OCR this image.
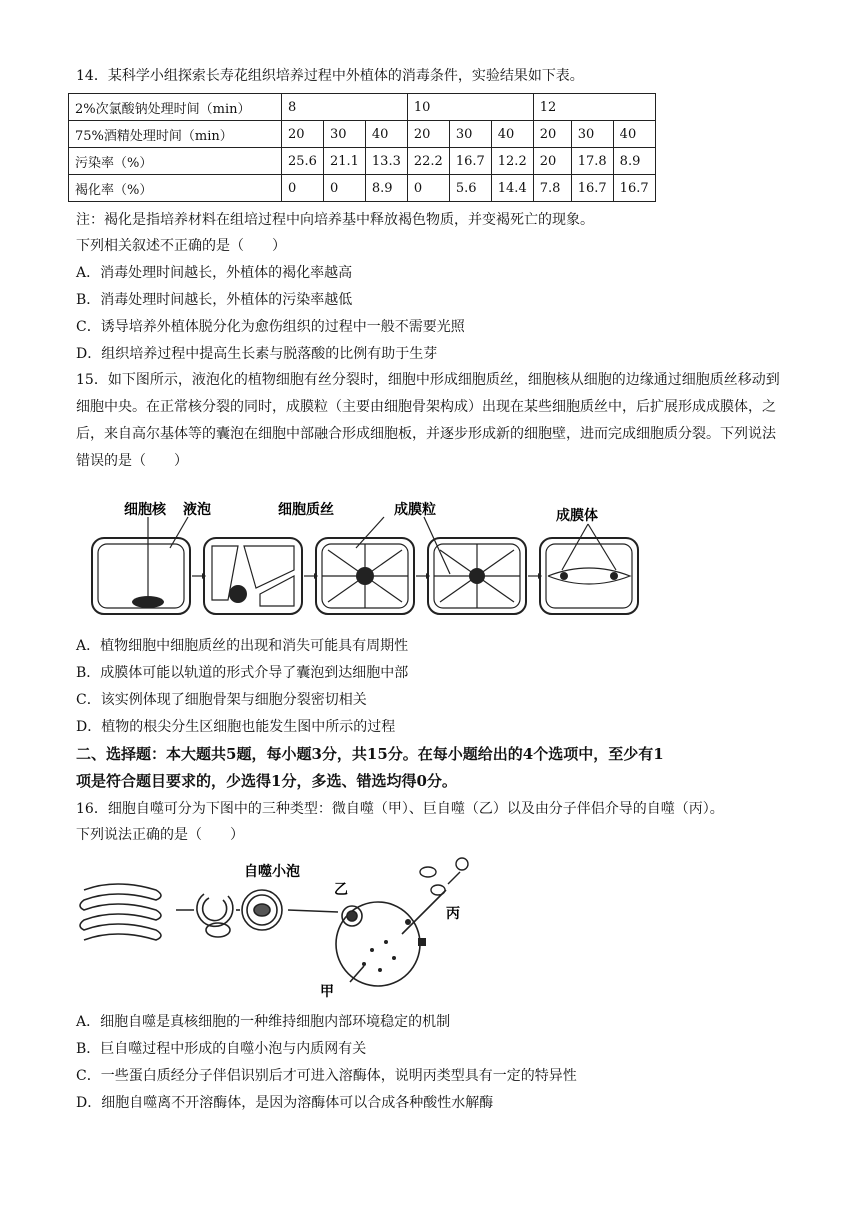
14．某科学小组探索长寿花组织培养过程中外植体的消毒条件，实验结果如下表。
2%次氯酸钠处理时间（min）	8			10			12		
75%酒精处理时间（min）	20	30	40	20	30	40	20	30	40
污染率（%）	25.6	21.1	13.3	22.2	16.7	12.2	20	17.8	8.9
褐化率（%）	0	0	8.9	0	5.6	14.4	7.8	16.7	16.7
注：褐化是指培养材料在组培过程中向培养基中释放褐色物质，并变褐死亡的现象。
下列相关叙述不正确的是（　　）
A．消毒处理时间越长，外植体的褐化率越高
B．消毒处理时间越长，外植体的污染率越低
C．诱导培养外植体脱分化为愈伤组织的过程中一般不需要光照
D．组织培养过程中提高生长素与脱落酸的比例有助于生芽
15．如下图所示，液泡化的植物细胞有丝分裂时，细胞中形成细胞质丝，细胞核从细胞的边缘通过细胞质丝移动到细胞中央。在正常核分裂的同时，成膜粒（主要由细胞骨架构成）出现在某些细胞质丝中，后扩展形成成膜体，之后，来自高尔基体等的囊泡在细胞中部融合形成细胞板，并逐步形成新的细胞壁，进而完成细胞质分裂。下列说法错误的是（　　）
细胞核 液泡	细胞质丝	成膜粒	成膜体
A．植物细胞中细胞质丝的出现和消失可能具有周期性
B．成膜体可能以轨道的形式介导了囊泡到达细胞中部
C．该实例体现了细胞骨架与细胞分裂密切相关
D．植物的根尖分生区细胞也能发生图中所示的过程
二、选择题：本大题共5题，每小题3分，共15分。在每小题给出的4个选项中，至少有1
项是符合题目要求的，少选得1分，多选、错选均得0分。
16．细胞自噬可分为下图中的三种类型：微自噬（甲）、巨自噬（乙）以及由分子伴侣介导的自噬（丙）。
下列说法正确的是（　　）
自噬小泡
乙
丙
甲
A．细胞自噬是真核细胞的一种维持细胞内部环境稳定的机制
B．巨自噬过程中形成的自噬小泡与内质网有关
C．一些蛋白质经分子伴侣识别后才可进入溶酶体，说明丙类型具有一定的特异性
D．细胞自噬离不开溶酶体，是因为溶酶体可以合成各种酸性水解酶
